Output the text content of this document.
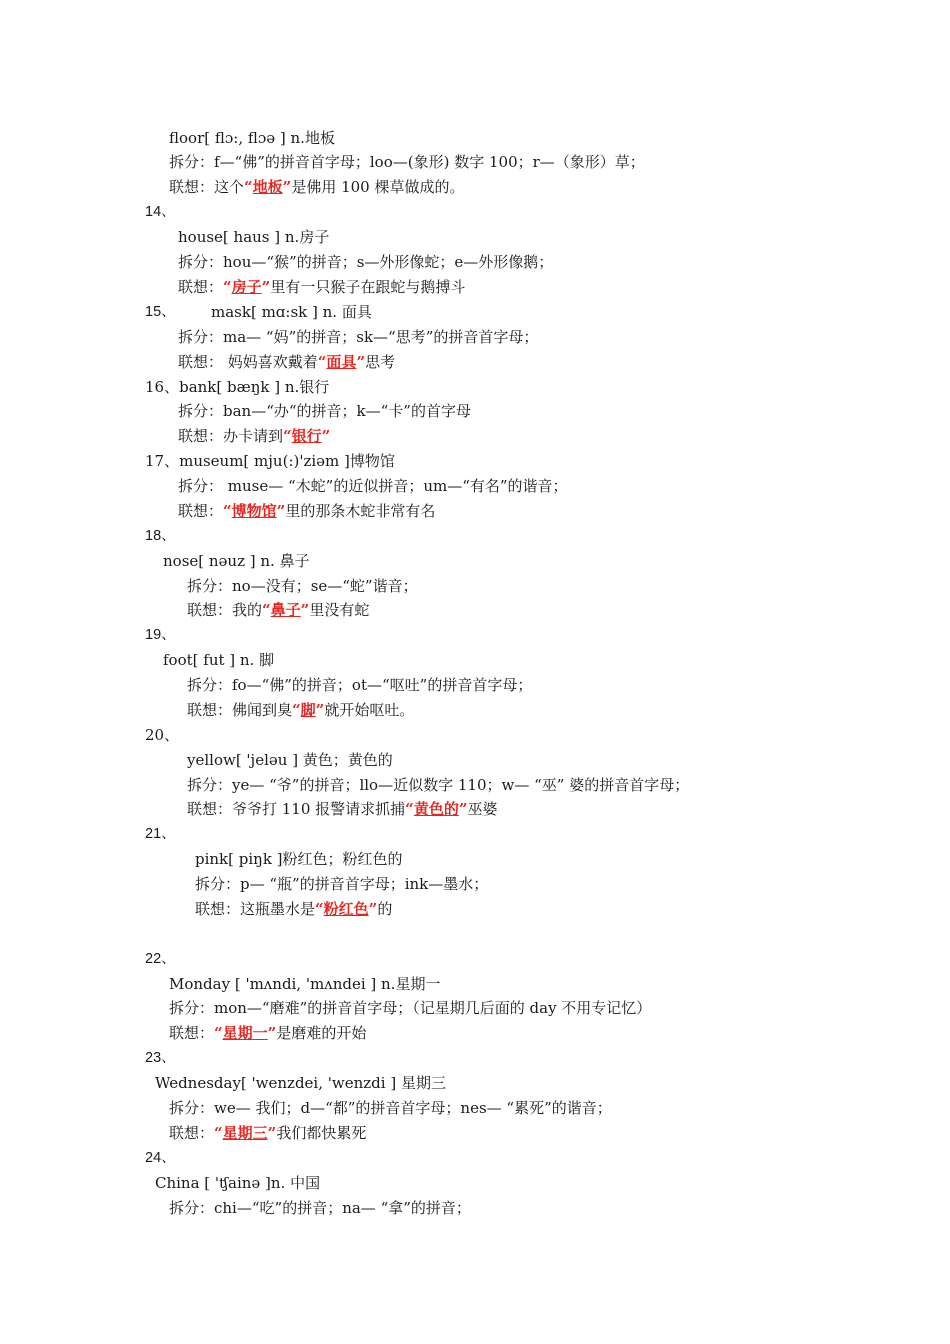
floor[ flɔ:, flɔə ] n.地板
拆分：f—“佛”的拼音首字母；loo—(象形) 数字 100；r—（象形）草；
联想：这个“地板”是佛用 100 棵草做成的。
14、
house[ haus ] n.房子
拆分：hou—“猴”的拼音；s—外形像蛇；e—外形像鹅；
联想：“房子”里有一只猴子在跟蛇与鹅搏斗
15、 mask[ mɑ:sk ] n. 面具
拆分：ma— “妈”的拼音；sk—“思考”的拼音首字母；
联想： 妈妈喜欢戴着“面具”思考
16、bank[ bæŋk ] n.银行
拆分：ban—“办“的拼音；k—“卡”的首字母
联想：办卡请到“银行”
17、museum[ mju(:)'ziəm ]博物馆
拆分： muse— “木蛇”的近似拼音；um—“有名”的谐音；
联想：“博物馆”里的那条木蛇非常有名
18、
nose[ nəuz ] n. 鼻子
拆分：no—没有；se—“蛇”谐音；
联想：我的“鼻子”里没有蛇
19、
foot[ fut ] n. 脚
拆分：fo—“佛”的拼音；ot—“呕吐”的拼音首字母；
联想：佛闻到臭“脚”就开始呕吐。
20、
yellow[ 'jeləu ] 黄色；黄色的
拆分：ye— “爷”的拼音；llo—近似数字 110；w— “巫” 婆的拼音首字母；
联想：爷爷打 110 报警请求抓捕“黄色的”巫婆
21、
pink[ piŋk ]粉红色；粉红色的
拆分：p— “瓶”的拼音首字母；ink—墨水；
联想：这瓶墨水是“粉红色”的
22、
Monday [ 'mʌndi, 'mʌndei ] n.星期一
拆分：mon—“磨难”的拼音首字母；（记星期几后面的 day 不用专记忆）
联想：“星期一”是磨难的开始
23、
Wednesday[ 'wenzdei, 'wenzdi ] 星期三
拆分：we— 我们；d—“都”的拼音首字母；nes— “累死”的谐音；
联想：“星期三”我们都快累死
24、
China [ 'ʧainə ]n. 中国
拆分：chi—“吃”的拼音；na— “拿”的拼音；
